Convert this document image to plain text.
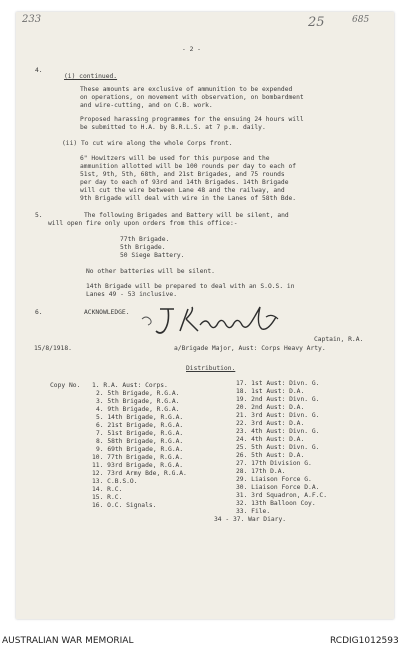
233	25	685
- 2 -
4.
(i) continued.
These amounts are exclusive of ammunition to be expended
on operations, on movement with observation, on bombardment
and wire-cutting, and on C.B. work.
Proposed harassing programmes for the ensuing 24 hours will
be submitted to H.A. by B.R.L.S. at 7 p.m. daily.
(ii) To cut wire along the whole Corps front.
6" Howitzers will be used for this purpose and the
ammunition allotted will be 100 rounds per day to each of
51st, 9th, 5th, 68th, and 21st Brigades, and 75 rounds
per day to each of 93rd and 14th Brigades. 14th Brigade
will cut the wire between Lane 48 and the railway, and
9th Brigade will deal with wire in the Lanes of 58th Bde.
5.	The following Brigades and Battery will be silent, and
will open fire only upon orders from this office:-
77th Brigade.
5th Brigade.
50 Siege Battery.
No other batteries will be silent.
14th Brigade will be prepared to deal with an S.O.S. in
Lanes 49 - 53 inclusive.
6.	ACKNOWLEDGE.
Captain, R.A.
15/8/1918.	a/Brigade Major, Aust: Corps Heavy Arty.
Distribution.
Copy No. 1. R.A. Aust: Corps.
2. 5th Brigade, R.G.A.
3. 5th Brigade, R.G.A.
4. 9th Brigade, R.G.A.
5. 14th Brigade, R.G.A.
6. 21st Brigade, R.G.A.
7. 51st Brigade, R.G.A.
8. 58th Brigade, R.G.A.
9. 69th Brigade, R.G.A.
10. 77th Brigade, R.G.A.
11. 93rd Brigade, R.G.A.
12. 73rd Army Bde, R.G.A.
13. C.B.S.O.
14. R.C.
15. R.C.
16. O.C. Signals.
17. 1st Aust: Divn. G.
18. 1st Aust: D.A.
19. 2nd Aust: Divn. G.
20. 2nd Aust: D.A.
21. 3rd Aust: Divn. G.
22. 3rd Aust: D.A.
23. 4th Aust: Divn. G.
24. 4th Aust: D.A.
25. 5th Aust: Divn. G.
26. 5th Aust: D.A.
27. 17th Division G.
28. 17th D.A.
29. Liaison Force G.
30. Liaison Force D.A.
31. 3rd Squadron, A.F.C.
32. 13th Balloon Coy.
33. File.
34 - 37. War Diary.
AUSTRALIAN WAR MEMORIAL	RCDIG1012593
